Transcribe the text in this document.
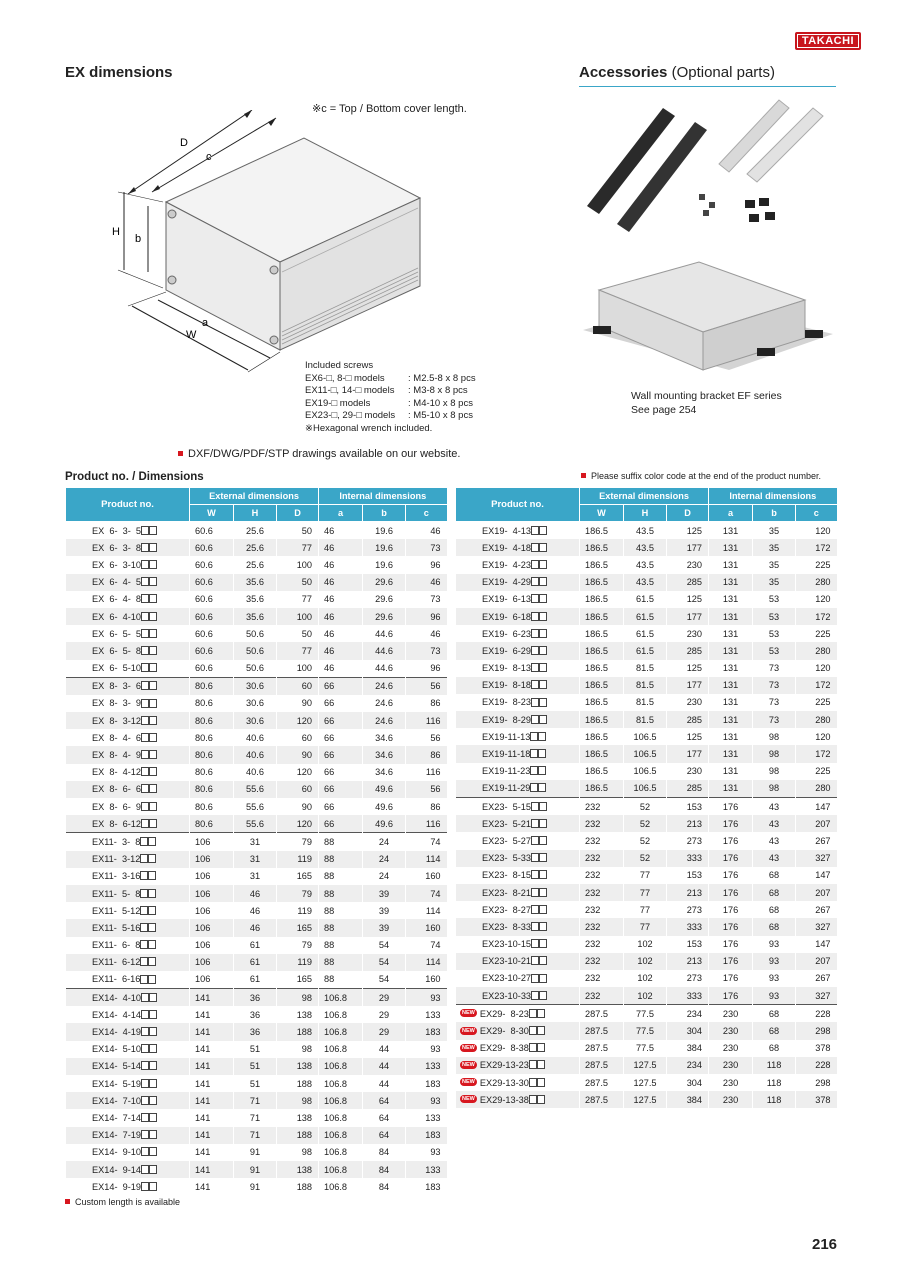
TAKACHI
EX dimensions	Accessories (Optional parts)
※c = Top / Bottom cover length.
D
c
H
b
a
W
Included screws
EX6-□, 8-□ models : M2.5-8 x 8 pcs
EX11-□, 14-□ models : M3-8 x 8 pcs
EX19-□ models	: M4-10 x 8 pcs
EX23-□, 29-□ models : M5-10 x 8 pcs
※Hexagonal wrench included.
Wall mounting bracket EF series
See page 254
DXF/DWG/PDF/STP drawings available on our website.
Product no. / Dimensions	Please suffix color code at the end of the product number.
Product no.	External dimensions			Internal dimensions		
	W	H	D	a	b	c
EX  6-  3-  5	60.6	25.6	50	46	19.6	46
EX  6-  3-  8	60.6	25.6	77	46	19.6	73
EX  6-  3-10	60.6	25.6	100	46	19.6	96
EX  6-  4-  5	60.6	35.6	50	46	29.6	46
EX  6-  4-  8	60.6	35.6	77	46	29.6	73
EX  6-  4-10	60.6	35.6	100	46	29.6	96
EX  6-  5-  5	60.6	50.6	50	46	44.6	46
EX  6-  5-  8	60.6	50.6	77	46	44.6	73
EX  6-  5-10	60.6	50.6	100	46	44.6	96
EX  8-  3-  6	80.6	30.6	60	66	24.6	56
EX  8-  3-  9	80.6	30.6	90	66	24.6	86
EX  8-  3-12	80.6	30.6	120	66	24.6	116
EX  8-  4-  6	80.6	40.6	60	66	34.6	56
EX  8-  4-  9	80.6	40.6	90	66	34.6	86
EX  8-  4-12	80.6	40.6	120	66	34.6	116
EX  8-  6-  6	80.6	55.6	60	66	49.6	56
EX  8-  6-  9	80.6	55.6	90	66	49.6	86
EX  8-  6-12	80.6	55.6	120	66	49.6	116
EX11-  3-  8	106	31	79	88	24	74
EX11-  3-12	106	31	119	88	24	114
EX11-  3-16	106	31	165	88	24	160
EX11-  5-  8	106	46	79	88	39	74
EX11-  5-12	106	46	119	88	39	114
EX11-  5-16	106	46	165	88	39	160
EX11-  6-  8	106	61	79	88	54	74
EX11-  6-12	106	61	119	88	54	114
EX11-  6-16	106	61	165	88	54	160
EX14-  4-10	141	36	98	106.8	29	93
EX14-  4-14	141	36	138	106.8	29	133
EX14-  4-19	141	36	188	106.8	29	183
EX14-  5-10	141	51	98	106.8	44	93
EX14-  5-14	141	51	138	106.8	44	133
EX14-  5-19	141	51	188	106.8	44	183
EX14-  7-10	141	71	98	106.8	64	93
EX14-  7-14	141	71	138	106.8	64	133
EX14-  7-19	141	71	188	106.8	64	183
EX14-  9-10	141	91	98	106.8	84	93
EX14-  9-14	141	91	138	106.8	84	133
EX14-  9-19	141	91	188	106.8	84	183
Product no.	External dimensions			Internal dimensions		
	W	H	D	a	b	c
EX19-  4-13	186.5	43.5	125	131	35	120
EX19-  4-18	186.5	43.5	177	131	35	172
EX19-  4-23	186.5	43.5	230	131	35	225
EX19-  4-29	186.5	43.5	285	131	35	280
EX19-  6-13	186.5	61.5	125	131	53	120
EX19-  6-18	186.5	61.5	177	131	53	172
EX19-  6-23	186.5	61.5	230	131	53	225
EX19-  6-29	186.5	61.5	285	131	53	280
EX19-  8-13	186.5	81.5	125	131	73	120
EX19-  8-18	186.5	81.5	177	131	73	172
EX19-  8-23	186.5	81.5	230	131	73	225
EX19-  8-29	186.5	81.5	285	131	73	280
EX19-11-13	186.5	106.5	125	131	98	120
EX19-11-18	186.5	106.5	177	131	98	172
EX19-11-23	186.5	106.5	230	131	98	225
EX19-11-29	186.5	106.5	285	131	98	280
EX23-  5-15	232	52	153	176	43	147
EX23-  5-21	232	52	213	176	43	207
EX23-  5-27	232	52	273	176	43	267
EX23-  5-33	232	52	333	176	43	327
EX23-  8-15	232	77	153	176	68	147
EX23-  8-21	232	77	213	176	68	207
EX23-  8-27	232	77	273	176	68	267
EX23-  8-33	232	77	333	176	68	327
EX23-10-15	232	102	153	176	93	147
EX23-10-21	232	102	213	176	93	207
EX23-10-27	232	102	273	176	93	267
EX23-10-33	232	102	333	176	93	327
NEW EX29-  8-23	287.5	77.5	234	230	68	228
NEW EX29-  8-30	287.5	77.5	304	230	68	298
NEW EX29-  8-38	287.5	77.5	384	230	68	378
NEW EX29-13-23	287.5	127.5	234	230	118	228
NEW EX29-13-30	287.5	127.5	304	230	118	298
NEW EX29-13-38	287.5	127.5	384	230	118	378
Custom length is available
216
